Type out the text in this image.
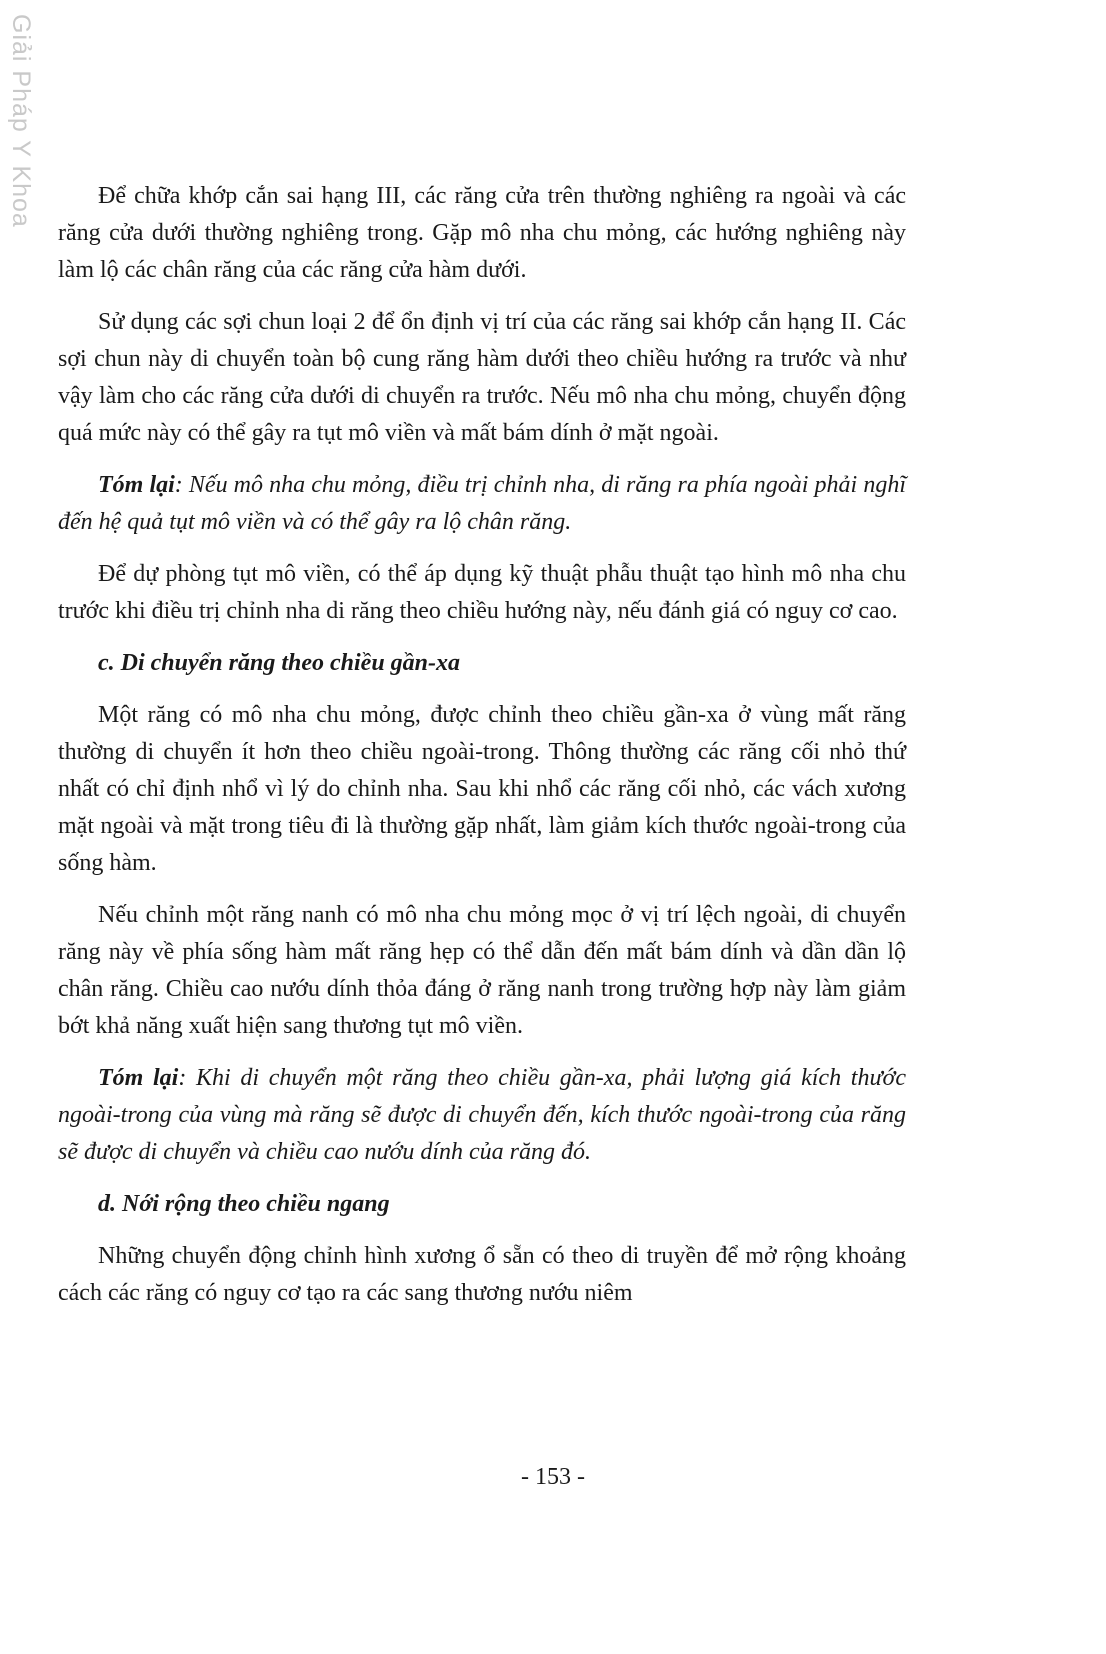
Giải Pháp Y Khoa	Để chữa khớp cắn sai hạng III, các răng cửa trên thường nghiêng ra ngoài và các răng cửa dưới thường nghiêng trong. Gặp mô nha chu mỏng, các hướng nghiêng này làm lộ các chân răng của các răng cửa hàm dưới.

Sử dụng các sợi chun loại 2 để ổn định vị trí của các răng sai khớp cắn hạng II. Các sợi chun này di chuyển toàn bộ cung răng hàm dưới theo chiều hướng ra trước và như vậy làm cho các răng cửa dưới di chuyển ra trước. Nếu mô nha chu mỏng, chuyển động quá mức này có thể gây ra tụt mô viền và mất bám dính ở mặt ngoài.

Tóm lại: Nếu mô nha chu mỏng, điều trị chỉnh nha, di răng ra phía ngoài phải nghĩ đến hệ quả tụt mô viền và có thể gây ra lộ chân răng.

Để dự phòng tụt mô viền, có thể áp dụng kỹ thuật phẫu thuật tạo hình mô nha chu trước khi điều trị chỉnh nha di răng theo chiều hướng này, nếu đánh giá có nguy cơ cao.

c. Di chuyển răng theo chiều gần-xa

Một răng có mô nha chu mỏng, được chỉnh theo chiều gần-xa ở vùng mất răng thường di chuyển ít hơn theo chiều ngoài-trong. Thông thường các răng cối nhỏ thứ nhất có chỉ định nhổ vì lý do chỉnh nha. Sau khi nhổ các răng cối nhỏ, các vách xương mặt ngoài và mặt trong tiêu đi là thường gặp nhất, làm giảm kích thước ngoài-trong của sống hàm.

Nếu chỉnh một răng nanh có mô nha chu mỏng mọc ở vị trí lệch ngoài, di chuyển răng này về phía sống hàm mất răng hẹp có thể dẫn đến mất bám dính và dần dần lộ chân răng. Chiều cao nướu dính thỏa đáng ở răng nanh trong trường hợp này làm giảm bớt khả năng xuất hiện sang thương tụt mô viền.

Tóm lại: Khi di chuyển một răng theo chiều gần-xa, phải lượng giá kích thước ngoài-trong của vùng mà răng sẽ được di chuyển đến, kích thước ngoài-trong của răng sẽ được di chuyển và chiều cao nướu dính của răng đó.

d. Nới rộng theo chiều ngang

Những chuyển động chỉnh hình xương ổ sẵn có theo di truyền để mở rộng khoảng cách các răng có nguy cơ tạo ra các sang thương nướu niêm

- 153 -
